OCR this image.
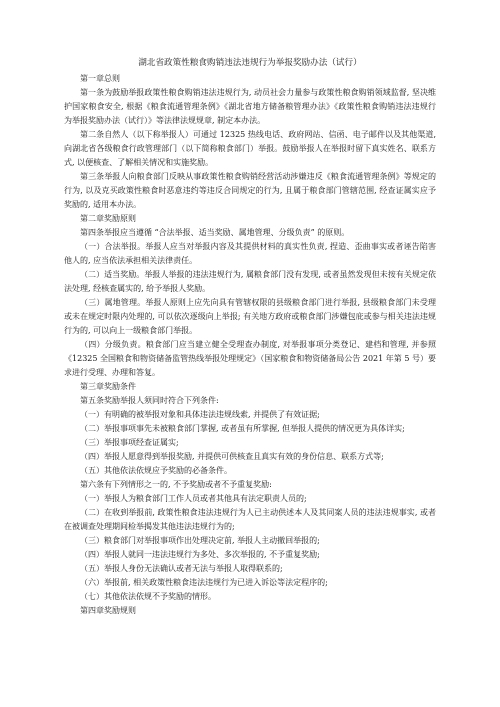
湖北省政策性粮食购销违法违规行为举报奖励办法（试行）

第一章总则

第一条为鼓励举报政策性粮食购销违法违规行为, 动员社会力量参与政策性粮食购销领域监督, 坚决维护国家粮食安全, 根据《粮食流通管理条例》《湖北省地方储备粮管理办法》《政策性粮食购销违法违规行为举报奖励办法（试行）》等法律法规规章, 制定本办法。

第二条自然人（以下称举报人）可通过 12325 热线电话、政府网站、信函、电子邮件以及其他渠道, 向湖北省各级粮食行政管理部门（以下简称粮食部门）举报。鼓励举报人在举报时留下真实姓名、联系方式, 以便核查、了解相关情况和实施奖励。

第三条举报人向粮食部门反映从事政策性粮食购销经营活动涉嫌违反《粮食流通管理条例》等规定的行为, 以及克买政策性粮食时恶意违约等违反合同规定的行为, 且属于粮食部门管辖范围, 经查证属实应予奖励的, 适用本办法。

第二章奖励原则

第四条举报应当遵循 “合法举报、适当奖励、属地管理、分级负责” 的原则。

（一）合法举报。举报人应当对举报内容及其提供材料的真实性负责, 捏造、歪曲事实或者诬告陷害他人的, 应当依法承担相关法律责任。

（二）适当奖励。举报人举报的违法违规行为, 属粮食部门没有发现, 或者虽然发现但未按有关规定依法处理, 经核查属实的, 给予举报人奖励。

（三）属地管理。举报人原则上应先向具有管辖权限的县级粮食部门进行举报, 县级粮食部门未受理或未在规定时限内处理的, 可以依次逐级向上举报; 有关地方政府或粮食部门涉嫌包庇或参与相关违法违规行为的, 可以向上一级粮食部门举报。

（四）分级负责。粮食部门应当建立健全受理查办制度, 对举报事项分类登记、建档和管理, 并参照《12325 全国粮食和物资储备监管热线举报处理规定》（国家粮食和物资储备局公告 2021 年第 5 号）要求进行受理、办理和答复。

第三章奖励条件

第五条奖励举报人须同时符合下列条件:

（一）有明确的被举报对象和具体违法违规线索, 并提供了有效证据;

（二）举报事项事先未被粮食部门掌握, 或者虽有所掌握, 但举报人提供的情况更为具体详实;

（三）举报事项经查证属实;

（四）举报人愿意得到举报奖励, 并提供可供核查且真实有效的身份信息、联系方式等;

（五）其他依法依规应予奖励的必备条件。

第六条有下列情形之一的, 不予奖励或者不予重复奖励:

（一）举报人为粮食部门工作人员或者其他具有法定职责人员的;

（二）在收到举报前, 政策性粮食违法违规行为人已主动供述本人及其同案人员的违法违规事实, 或者在被调查处理期间检举揭发其他违法违规行为的;

（三）粮食部门对举报事项作出处理决定前, 举报人主动撤回举报的;

（四）举报人就同一违法违规行为多处、多次举报的, 不予重复奖励;

（五）举报人身份无法确认或者无法与举报人取得联系的;

（六）举报前, 相关政策性粮食违法违规行为已进入诉讼等法定程序的;

（七）其他依法依规不予奖励的情形。

第四章奖励规则
